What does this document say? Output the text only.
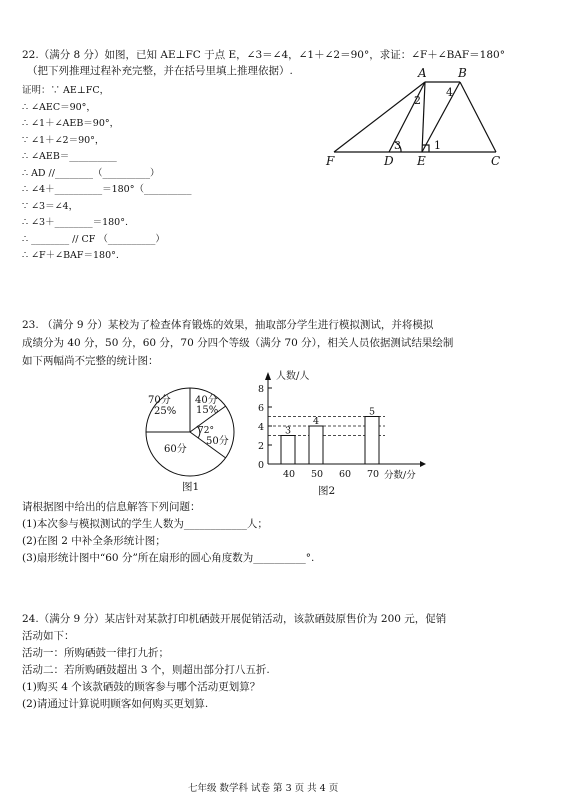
22.（满分 8 分）如图，已知 AE⊥FC 于点 E，∠3＝∠4，∠1＋∠2＝90°，求证：∠F＋∠BAF＝180°
（把下列推理过程补充完整，并在括号里填上推理依据）.
证明：∵ AE⊥FC，
∴ ∠AEC＝90°，
∴ ∠1＋∠AEB＝90°，
∵ ∠1＋∠2＝90°，
∴ ∠AEB＝__________
∴ AD //________（__________）
∴ ∠4＋__________＝180°（__________
∵ ∠3＝∠4，
∴ ∠3＋________＝180°.
∴ ________ // CF （__________）
∴ ∠F＋∠BAF＝180°.
A	B
F	D E	C
1
2
3
4
23. （满分 9 分）某校为了检查体育锻炼的效果，抽取部分学生进行模拟测试，并将模拟
成绩分为 40 分，50 分，60 分，70 分四个等级（满分 70 分），相关人员依据测试结果绘制
如下两幅尚不完整的统计图：
70分
25%
40分
15%
72°
50分
60分
图1
人数/人
分数/分
0
2
4
6
8
40
3
50
4
60 70
5
图2
请根据图中给出的信息解答下列问题：
(1)本次参与模拟测试的学生人数为____________人；
(2)在图 2 中补全条形统计图；
(3)扇形统计图中“60 分”所在扇形的圆心角度数为__________°.
24.（满分 9 分）某店针对某款打印机硒鼓开展促销活动，该款硒鼓原售价为 200 元，促销
活动如下：
活动一：所购硒鼓一律打九折；
活动二：若所购硒鼓超出 3 个，则超出部分打八五折.
(1)购买 4 个该款硒鼓的顾客参与哪个活动更划算？
(2)请通过计算说明顾客如何购买更划算.
七年级 数学科 试卷 第 3 页 共 4 页
